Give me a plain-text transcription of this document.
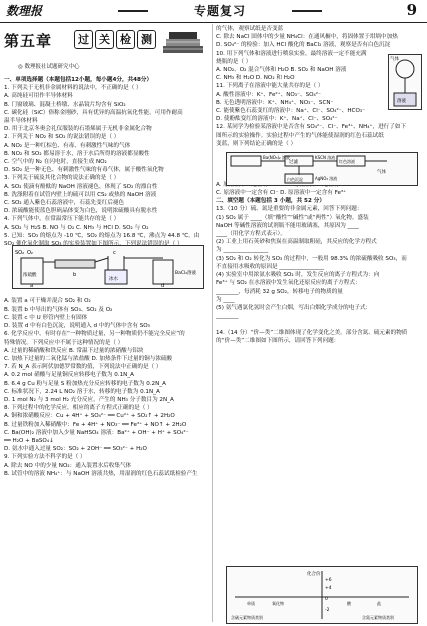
数理报	专题复习	9
第五章	过 关 检 测
◎ 数理报社试题研究中心

一、单项选择题（本题包括12小题，每小题4分，共48分）

1. 下列关于无机非金属材料的说法中，不正确的是（ ）

A. 高纯硅可用作半导体材料

B. 门窗玻璃、混凝土桥墩、水晶镜片均含有 SiO₂

C. 碳化硅（SiC）俗称金刚砂，具有优异的高温抗氧化性能，可用作耐高

温半导体材料

D. 用于北京冬奥会礼仪服装的石墨烯属于无机非金属化合物

2. 下列关于 NO₂ 和 SO₂ 的说法错误的是（ ）

A. NO₂ 是一种红棕色、有毒、有刺激性气味的气体

B. NO₂ 和 SO₂ 都易溶于水，溶于水后所得的溶液都显酸性

C. 空气中的 N₂ 在闪电时，直接生成 NO₂

D. SO₂ 是一种无色、有刺激性气味的有毒气体，属于酸性氧化物

3. 下列关于硫及其化合物的说法正确的是（ ）

A. SO₂ 使滴有酚酞的 NaOH 溶液褪色，体现了 SO₂ 的漂白性

B. 洗涤附着在试管内壁上的硫可以用 CS₂ 或热的 NaOH 溶液

C. SO₂ 通入紫色石蕊溶液中，石蕊先变红后褪色

D. 浓硫酸能使蓝色胆矾晶体变为白色，说明浓硫酸具有脱水性

4. 下列气体中，在常温常压下能共存的是（ ）

A. SO₂ 与 H₂S B. NO 与 O₂ C. NH₃ 与 HCl D. SO₂ 与 O₂

5. 已知：SO₃ 的熔点为 -10 ℃，SO₂ 的熔点为 16.8 ℃，沸点为 44.8 ℃。由

SO₂ 催化氧化制取 SO₃ 的实验装置如下图所示，下列说法错误的是（ ）

A. 装置 a 可干燥并混合 SO₂ 和 O₂

B. 装置 b 中导出的气体有 SO₃、SO₂ 及 O₂

C. 装置 c 中 U 形管内壁上有固体

D. 装置 d 中有白色沉淀，说明通入 d 中的气体中含有 SO₃

6. 化学反应中，有时存在“一种物质过量，另一种物质仍不能完全反应”的

特殊情况。下列反应中不属于这种情况的是（ ）

A. 过量的稀硝酸和铁反应 B. 常温下过量的浓硝酸与铝块

C. 加热下过量的二氧化锰与浓盐酸 D. 加热条件下过量的铜与浓硫酸

7. 若 N_A 表示阿伏加德罗常数的值，下列说法中正确的是（ ）

A. 0.2 mol 硝酸与足量铜反应转移电子数为 0.1N_A

B. 6.4 g Cu 粉与足量 S 粉加热充分反应转移的电子数为 0.2N_A

C. 标准状况下，2.24 L NO₂ 溶于水，转移的电子数为 0.1N_A

D. 1 mol N₂ 与 3 mol H₂ 充分反应，产生的 NH₃ 分子数目为 2N_A

8. 下列过程中的化学反应，相应的离子方程式正确的是（ ）

A. 铜和浓硝酸反应：Cu + 4H⁺ + SO₄²⁻ ══ Cu²⁺ + SO₂↑ + 2H₂O

B. 过量铁粉加入稀硝酸中：Fe + 4H⁺ + NO₃⁻ ══ Fe³⁺ + NO↑ + 2H₂O

C. Ba(OH)₂ 溶液中加入少量 NaHSO₄ 溶液：Ba²⁺ + OH⁻ + H⁺ + SO₄²⁻

══ H₂O + BaSO₄↓

D. 氨水中通入过量 SO₂：SO₂ + 2OH⁻ ══ SO₃²⁻ + H₂O

9. 下列实验方法不科学的是（ ）

A. 除去 NO 中的少量 NO₂：通入装置水后收集气体

B. 试管中的溶液 NH₄⁺：与 NaOH 溶液共热，用湿润的红色石蕊试纸检验产生

的气体，观察试纸是否变蓝

C. 除去 NaCl 固体中的少量 NH₄Cl：在通风橱中，将固体置于坩埚中加热

D. SO₄²⁻ 的检验：加入 HCl 酸化的 BaCl₂ 溶液，观察是否有白色沉淀

10. 用下列气体和溶液进行喷泉实验，最终溶液一定不能充满

烧瓶的是（ ）

A. NO₂、O₂ 混合气体和 H₂O B. SO₂ 和 NaOH 溶液

C. NH₃ 和 H₂O D. NO₂ 和 H₂O

11. 下列离子在溶液中能大量共存的是（ ）

A. 酸性溶液中：K⁺、Fe²⁺、NO₃⁻、SO₄²⁻

B. 无色透明溶液中：K⁺、NH₄⁺、NO₃⁻、SCN⁻

C. 能使紫色石蕊变红的溶液中：Na⁺、Cl⁻、SO₄²⁻、HCO₃⁻

D. 使酚酞变红的溶液中：K⁺、Na⁺、Cl⁻、SO₄²⁻

12. 某同学为检验某溶液中是否含有 SO₄²⁻、Cl⁻、Fe³⁺、NH₄⁺，进行了如下

图所示的实验操作。实验过程中产生的气体能使湿润的红色石蕊试纸

变蓝，则下列结论正确的是（ ）

A. 原溶液中一定含有 SO₄²⁻ B. 原溶液中一定含有 NH₄⁺

C. 原溶液中一定含有 Cl⁻ D. 原溶液中一定含有 Fe³⁺

二、填空题（本题包括 3 小题，共 52 分）

13.（10 分）硫、氮是重要的非金属元素，回答下列问题：

(1) SO₂ 属于 ____（填“酸性”“碱性”或“两性”）氧化物。盛装

NaOH 等碱性溶液的试剂瓶不能用玻璃塞，其原因为 ____

____（用化学方程式表示）。

(2) 工业上用石英砂和焦炭在高温制取粗硅，其反应的化学方程式

为 ________________

(3) SO₂ 和 O₂ 转化为 SO₃ 的过程中，一般用 98.3% 的浓硫酸吸收 SO₃，而

不直接用水吸收的原因是 ________________

(4) 实验室中用浓氨水吸收 SO₂ 时，发生反应的离子方程式为：向

Fe³⁺ 与 SO₂ 在水溶液中发生氧化还原反应的离子方程式：

________，每消耗 32 g SO₂，转移电子的物质的量

为 ____

(5) 氨气遇氯化氢时会产生白烟，写出白烟化学成分的电子式：

________

14.（14 分）“价—类”二维图体现了化学变化之美。部分含氮、硫元素的物质

的“价—类”二维图如下图所示，请回答下列问题：

SO₂ O₂
浓硫酸
a
b
c
冰水
d
BaCl₂溶液
气体
溶液
Ba(NO₃)₂ 溶液
过滤
气体
KSCN 溶液
AgNO₃ 溶液
白色沉淀
红色溶液
化合价
+6
+4
0
-2
单质	氧化物	酸	盐
含硫元素物质类别	含氮元素物质类别
